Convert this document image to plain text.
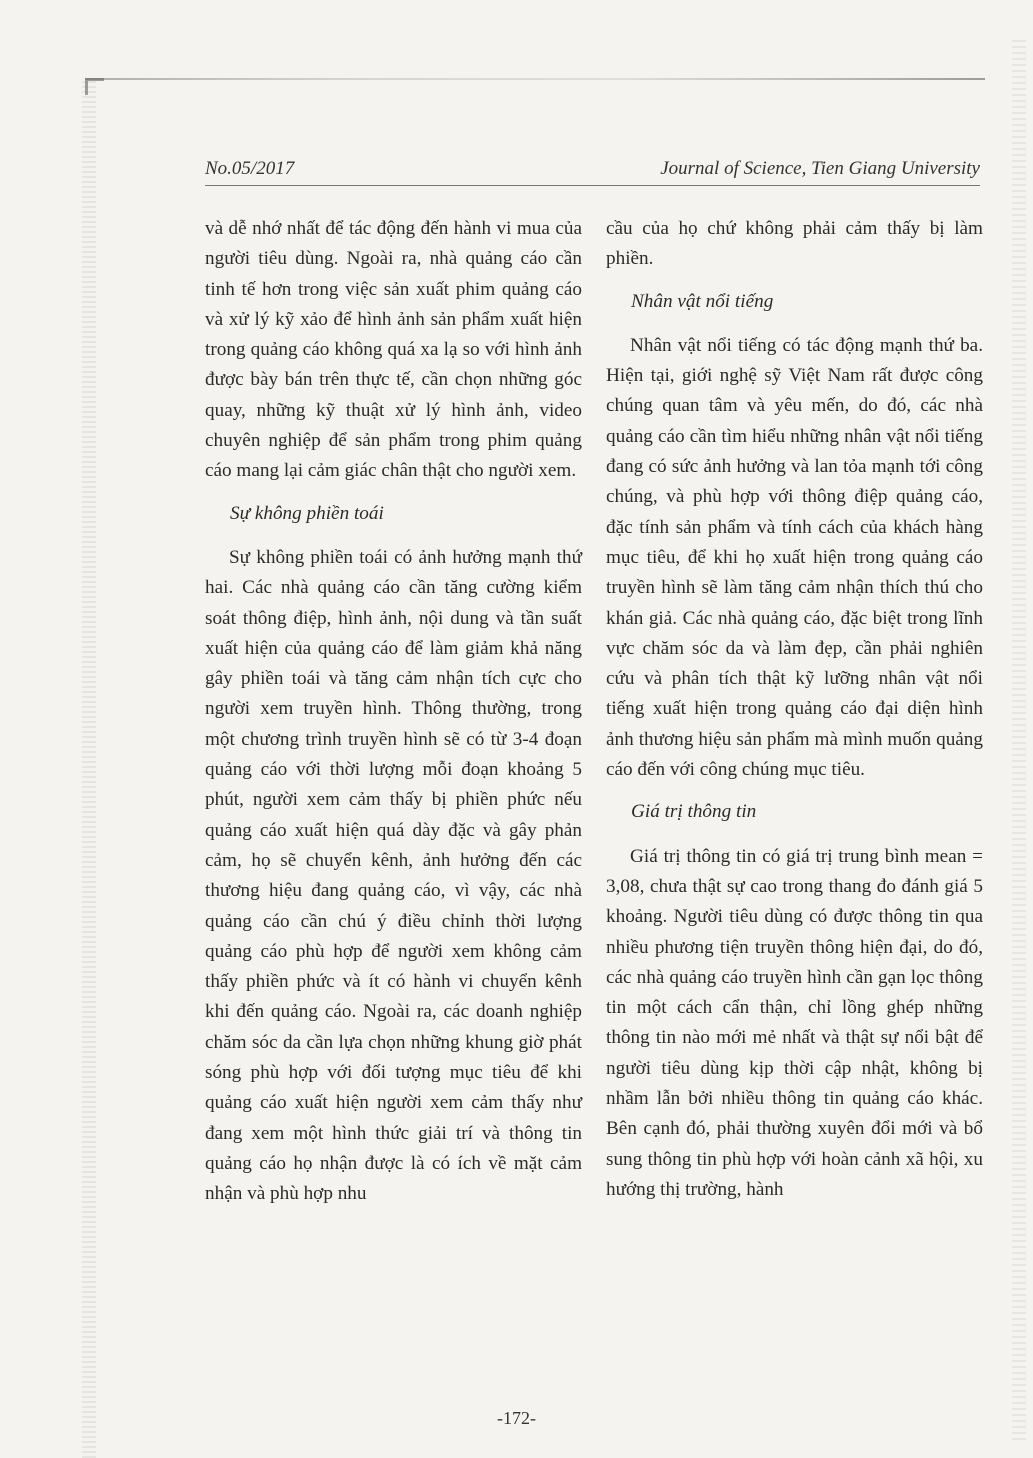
No.05/2017	Journal of Science, Tien Giang University

và dễ nhớ nhất để tác động đến hành vi mua của người tiêu dùng. Ngoài ra, nhà quảng cáo cần tinh tế hơn trong việc sản xuất phim quảng cáo và xử lý kỹ xảo để hình ảnh sản phẩm xuất hiện trong quảng cáo không quá xa lạ so với hình ảnh được bày bán trên thực tế, cần chọn những góc quay, những kỹ thuật xử lý hình ảnh, video chuyên nghiệp để sản phẩm trong phim quảng cáo mang lại cảm giác chân thật cho người xem.

Sự không phiền toái

Sự không phiền toái có ảnh hưởng mạnh thứ hai. Các nhà quảng cáo cần tăng cường kiểm soát thông điệp, hình ảnh, nội dung và tần suất xuất hiện của quảng cáo để làm giảm khả năng gây phiền toái và tăng cảm nhận tích cực cho người xem truyền hình. Thông thường, trong một chương trình truyền hình sẽ có từ 3-4 đoạn quảng cáo với thời lượng mỗi đoạn khoảng 5 phút, người xem cảm thấy bị phiền phức nếu quảng cáo xuất hiện quá dày đặc và gây phản cảm, họ sẽ chuyển kênh, ảnh hưởng đến các thương hiệu đang quảng cáo, vì vậy, các nhà quảng cáo cần chú ý điều chỉnh thời lượng quảng cáo phù hợp để người xem không cảm thấy phiền phức và ít có hành vi chuyển kênh khi đến quảng cáo. Ngoài ra, các doanh nghiệp chăm sóc da cần lựa chọn những khung giờ phát sóng phù hợp với đối tượng mục tiêu để khi quảng cáo xuất hiện người xem cảm thấy như đang xem một hình thức giải trí và thông tin quảng cáo họ nhận được là có ích về mặt cảm nhận và phù hợp nhu

cầu của họ chứ không phải cảm thấy bị làm phiền.

Nhân vật nổi tiếng

Nhân vật nổi tiếng có tác động mạnh thứ ba. Hiện tại, giới nghệ sỹ Việt Nam rất được công chúng quan tâm và yêu mến, do đó, các nhà quảng cáo cần tìm hiểu những nhân vật nổi tiếng đang có sức ảnh hưởng và lan tỏa mạnh tới công chúng, và phù hợp với thông điệp quảng cáo, đặc tính sản phẩm và tính cách của khách hàng mục tiêu, để khi họ xuất hiện trong quảng cáo truyền hình sẽ làm tăng cảm nhận thích thú cho khán giả. Các nhà quảng cáo, đặc biệt trong lĩnh vực chăm sóc da và làm đẹp, cần phải nghiên cứu và phân tích thật kỹ lưỡng nhân vật nổi tiếng xuất hiện trong quảng cáo đại diện hình ảnh thương hiệu sản phẩm mà mình muốn quảng cáo đến với công chúng mục tiêu.

Giá trị thông tin

Giá trị thông tin có giá trị trung bình mean = 3,08, chưa thật sự cao trong thang đo đánh giá 5 khoảng. Người tiêu dùng có được thông tin qua nhiều phương tiện truyền thông hiện đại, do đó, các nhà quảng cáo truyền hình cần gạn lọc thông tin một cách cẩn thận, chỉ lồng ghép những thông tin nào mới mẻ nhất và thật sự nổi bật để người tiêu dùng kịp thời cập nhật, không bị nhầm lẫn bởi nhiều thông tin quảng cáo khác. Bên cạnh đó, phải thường xuyên đổi mới và bổ sung thông tin phù hợp với hoàn cảnh xã hội, xu hướng thị trường, hành

-172-
